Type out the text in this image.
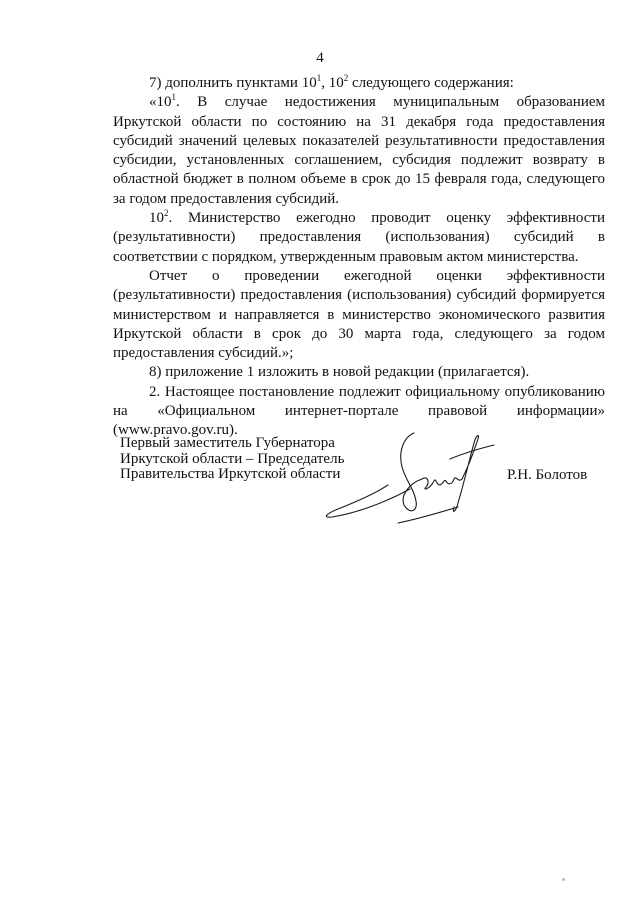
4

7) дополнить пунктами $10^1$, $10^2$ следующего содержания:

«$10^1$. В случае недостижения муниципальным образованием Иркутской области по состоянию на 31 декабря года предоставления субсидий значений целевых показателей результативности предоставления субсидии, установленных соглашением, субсидия подлежит возврату в областной бюджет в полном объеме в срок до 15 февраля года, следующего за годом предоставления субсидий.

$10^2$. Министерство ежегодно проводит оценку эффективности (результативности) предоставления (использования) субсидий в соответствии с порядком, утвержденным правовым актом министерства.

Отчет о проведении ежегодной оценки эффективности (результативности) предоставления (использования) субсидий формируется министерством и направляется в министерство экономического развития Иркутской области в срок до 30 марта года, следующего за годом предоставления субсидий.»;

8) приложение 1 изложить в новой редакции (прилагается).

2. Настоящее постановление подлежит официальному опубликованию на «Официальном интернет-портале правовой информации» (www.pravo.gov.ru).

Первый заместитель Губернатора
Иркутской области – Председатель
Правительства Иркутской области	Р.Н. Болотов
